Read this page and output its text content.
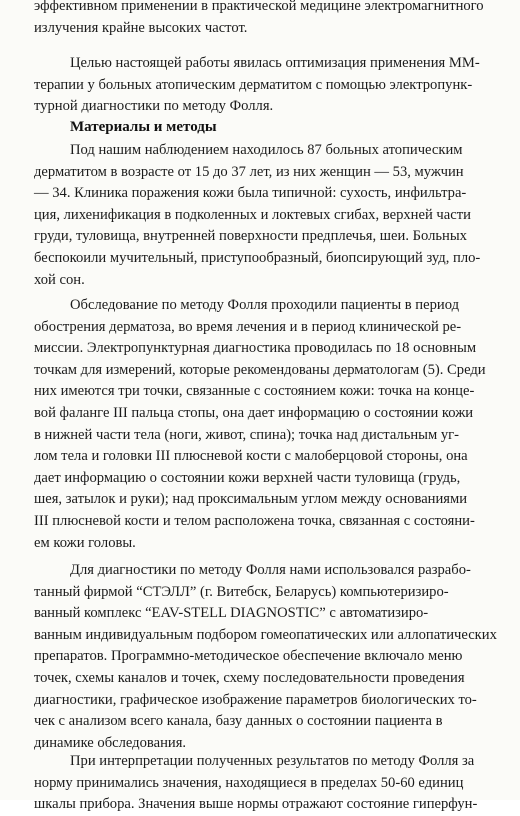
эффективном применении в практической медицине электромагнитного
излучения крайне высоких частот.
Целью настоящей работы явилась оптимизация применения ММ-
терапии у больных атопическим дерматитом с помощью электропунк-
турной диагностики по методу Фолля.
Материалы и методы
Под нашим наблюдением находилось 87 больных атопическим
дерматитом в возрасте от 15 до 37 лет, из них женщин — 53, мужчин
— 34. Клиника поражения кожи была типичной: сухость, инфильтра-
ция, лихенификация в подколенных и локтевых сгибах, верхней части
груди, туловища, внутренней поверхности предплечья, шеи. Больных
беспокоили мучительный, приступообразный, биопсирующий зуд, пло-
хой сон.
Обследование по методу Фолля проходили пациенты в период
обострения дерматоза, во время лечения и в период клинической ре-
миссии. Электропунктурная диагностика проводилась по 18 основным
точкам для измерений, которые рекомендованы дерматологам (5). Среди
них имеются три точки, связанные с состоянием кожи: точка на конце-
вой фаланге III пальца стопы, она дает информацию о состоянии кожи
в нижней части тела (ноги, живот, спина); точка над дистальным уг-
лом тела и головки III плюсневой кости с малоберцовой стороны, она
дает информацию о состоянии кожи верхней части туловища (грудь,
шея, затылок и руки); над проксимальным углом между основаниями
III плюсневой кости и телом расположена точка, связанная с состояни-
ем кожи головы.
Для диагностики по методу Фолля нами использовался разрабо-
танный фирмой “СТЭЛЛ” (г. Витебск, Беларусь) компьютеризиро-
ванный комплекс “EAV-STELL DIAGNOSTIC” с автоматизиро-
ванным индивидуальным подбором гомеопатических или аллопатических
препаратов. Программно-методическое обеспечение включало меню
точек, схемы каналов и точек, схему последовательности проведения
диагностики, графическое изображение параметров биологических то-
чек с анализом всего канала, базу данных о состоянии пациента в
динамике обследования.
При интерпретации полученных результатов по методу Фолля за
норму принимались значения, находящиеся в пределах 50-60 единиц
шкалы прибора. Значения выше нормы отражают состояние гиперфун-
